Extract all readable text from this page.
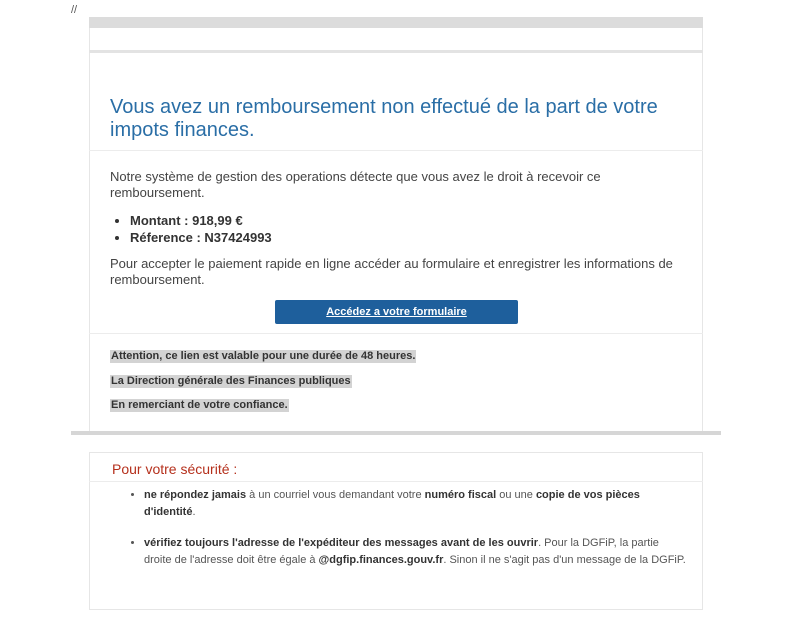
//
Vous avez un remboursement non effectué de la part de votre impots finances.
Notre système de gestion des operations détecte que vous avez le droit à recevoir ce remboursement.
• Montant : 918,99 €
• Réference : N37424993
Pour accepter le paiement rapide en ligne accéder au formulaire et enregistrer les informations de remboursement.
Accédez a votre formulaire
Attention, ce lien est valable pour une durée de 48 heures.
La Direction générale des Finances publiques
En remerciant de votre confiance.
Pour votre sécurité :
• ne répondez jamais à un courriel vous demandant votre numéro fiscal ou une copie de vos pièces d'identité.
• vérifiez toujours l'adresse de l'expéditeur des messages avant de les ouvrir. Pour la DGFiP, la partie droite de l'adresse doit être égale à @dgfip.finances.gouv.fr. Sinon il ne s'agit pas d'un message de la DGFiP.
